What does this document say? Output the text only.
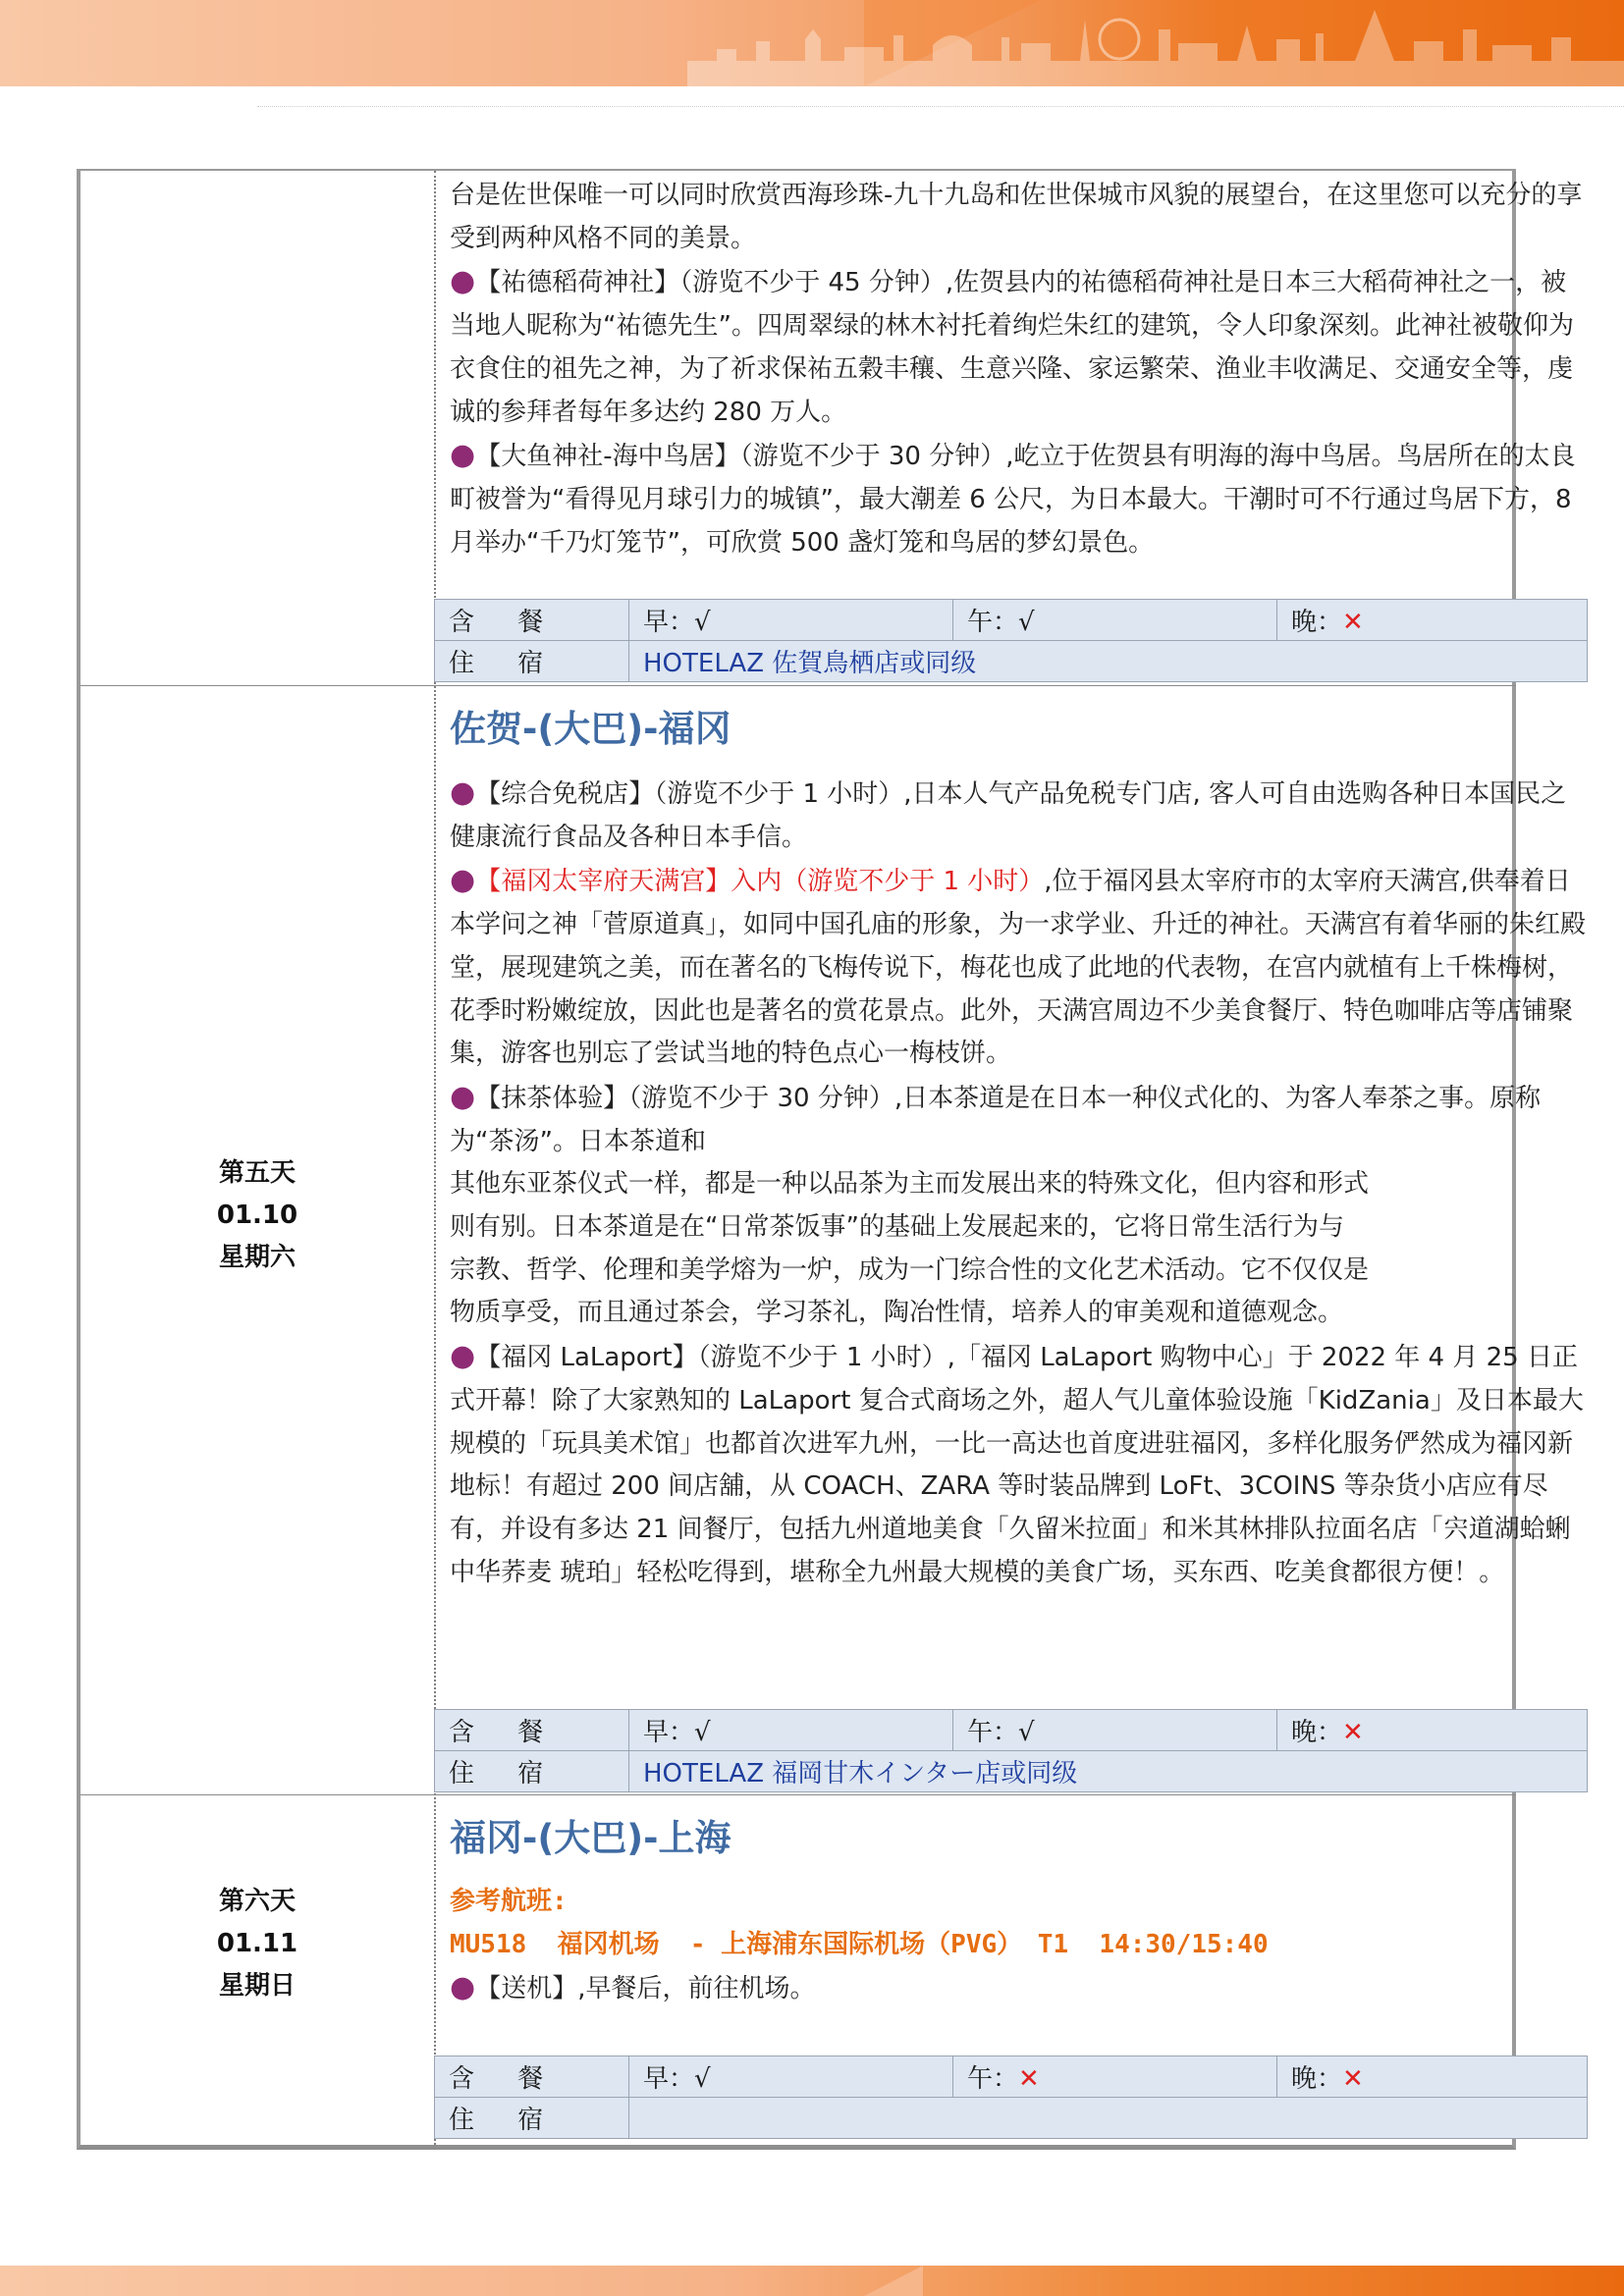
台是佐世保唯一可以同时欣赏西海珍珠-九十九岛和佐世保城市风貌的展望台，在这里您可以充分的享受到两种风格不同的美景。

●【祐德稻荷神社】（游览不少于 45 分钟）,佐贺县内的祐德稻荷神社是日本三大稻荷神社之一，被当地人昵称为“祐德先生”。四周翠绿的林木衬托着绚烂朱红的建筑，令人印象深刻。此神社被敬仰为衣食住的祖先之神，为了祈求保祐五穀丰穰、生意兴隆、家运繁荣、渔业丰收满足、交通安全等，虔诚的参拜者每年多达约 280 万人。

●【大鱼神社-海中鸟居】（游览不少于 30 分钟）,屹立于佐贺县有明海的海中鸟居。鸟居所在的太良町被誉为“看得见月球引力的城镇”，最大潮差 6 公尺，为日本最大。干潮时可不行通过鸟居下方，8 月举办“千乃灯笼节”，可欣赏 500 盏灯笼和鸟居的梦幻景色。

含 餐	早：√	午：√	晚：✕
住 宿	HOTELAZ 佐賀鳥栖店或同级		
第五天
01.10
星期六
佐贺-(大巴)-福冈

●【综合免税店】（游览不少于 1 小时）,日本人气产品免税专门店, 客人可自由选购各种日本国民之健康流行食品及各种日本手信。

●【福冈太宰府天满宫】入内（游览不少于 1 小时）,位于福冈县太宰府市的太宰府天满宫,供奉着日本学问之神「菅原道真」，如同中国孔庙的形象，为一求学业、升迁的神社。天满宫有着华丽的朱红殿堂，展现建筑之美，而在著名的飞梅传说下，梅花也成了此地的代表物，在宫内就植有上千株梅树，花季时粉嫩绽放，因此也是著名的赏花景点。此外，天满宫周边不少美食餐厅、特色咖啡店等店铺聚集，游客也别忘了尝试当地的特色点心一梅枝饼。

●【抹茶体验】（游览不少于 30 分钟）,日本茶道是在日本一种仪式化的、为客人奉茶之事。原称为“茶汤”。日本茶道和

其他东亚茶仪式一样，都是一种以品茶为主而发展出来的特殊文化，但内容和形式

则有别。日本茶道是在“日常茶饭事”的基础上发展起来的，它将日常生活行为与

宗教、哲学、伦理和美学熔为一炉，成为一门综合性的文化艺术活动。它不仅仅是

物质享受，而且通过茶会，学习茶礼，陶冶性情，培养人的审美观和道德观念。

●【福冈 LaLaport】（游览不少于 1 小时）,「福冈 LaLaport 购物中心」于 2022 年 4 月 25 日正式开幕！除了大家熟知的 LaLaport 复合式商场之外，超人气儿童体验设施「KidZania」及日本最大规模的「玩具美术馆」也都首次进军九州，一比一高达也首度进驻福冈，多样化服务俨然成为福冈新地标！有超过 200 间店舖，从 COACH、ZARA 等时装品牌到 LoFt、3COINS 等杂货小店应有尽有，并设有多达 21 间餐厅，包括九州道地美食「久留米拉面」和米其林排队拉面名店「宍道湖蛤蜊中华荞麦 琥珀」轻松吃得到，堪称全九州最大规模的美食广场，买东西、吃美食都很方便！。

含 餐	早：√	午：√	晚：✕
住 宿	HOTELAZ 福岡甘木インター店或同级		
第六天
01.11
星期日
福冈-(大巴)-上海

参考航班:

MU518  福冈机场  - 上海浦东国际机场（PVG） T1  14:30/15:40

●【送机】,早餐后，前往机场。

含 餐	早：√	午：✕	晚：✕
住 宿			
